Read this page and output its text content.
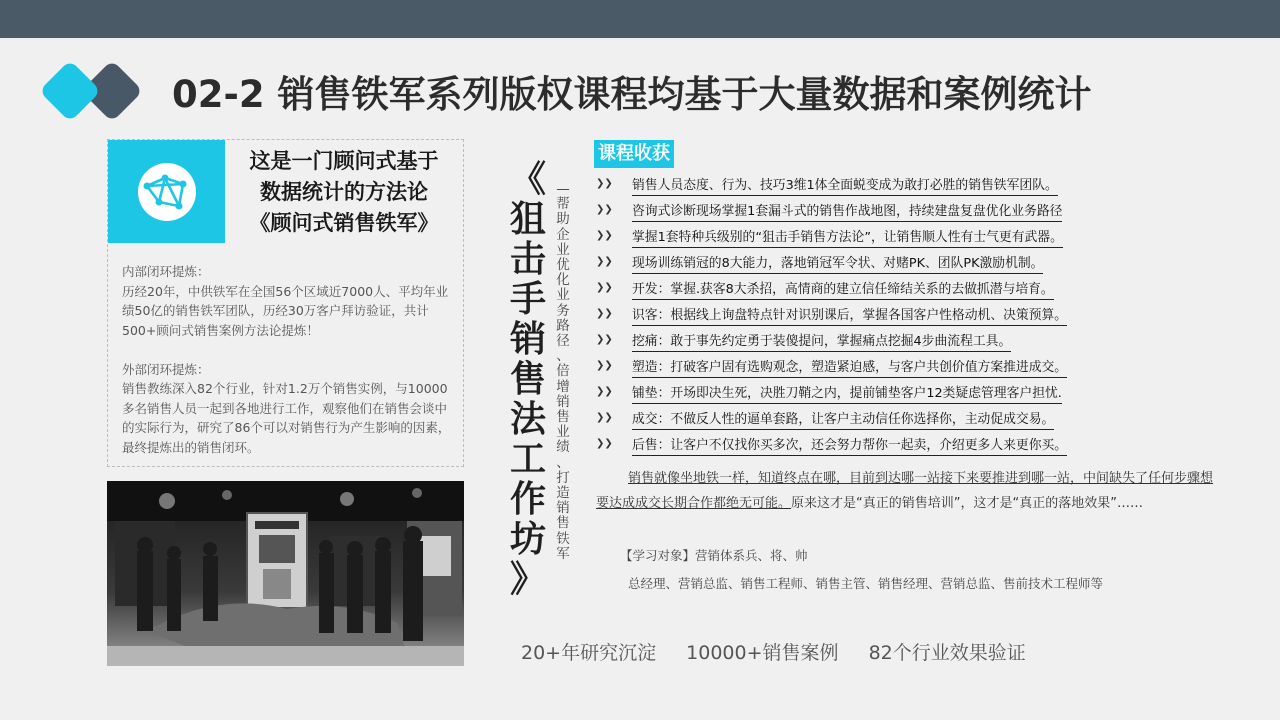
02-2 销售铁军系列版权课程均基于大量数据和案例统计
这是一门顾问式基于
数据统计的方法论
《顾问式销售铁军》

内部闭环提炼：

历经20年，中供铁军在全国56个区域近7000人、平均年业绩50亿的销售铁军团队，历经30万客户拜访验证，共计500+顾问式销售案例方法论提炼！

外部闭环提炼：

销售教练深入82个行业，针对1.2万个销售实例，与10000多名销售人员一起到各地进行工作，观察他们在销售会谈中的实际行为，研究了86个可以对销售行为产生影响的因素，最终提炼出的销售闭环。

《
狙
击
手
销
售
法
工
作
坊
》
—
帮
助
企
业
优
化
业
务
路
径
、
倍
增
销
售
业
绩
、
打
造
销
售
铁
军
课程收获
❯❯ 销售人员态度、行为、技巧3维1体全面蜕变成为敢打必胜的销售铁军团队。
❯❯ 咨询式诊断现场掌握1套漏斗式的销售作战地图，持续建盘复盘优化业务路径
❯❯ 掌握1套特种兵级别的“狙击手销售方法论”，让销售顺人性有士气更有武器。
❯❯ 现场训练销冠的8大能力，落地销冠军令状、对赌PK、团队PK激励机制。
❯❯ 开发：掌握.获客8大杀招，高情商的建立信任缔结关系的去做抓潜与培育。
❯❯ 识客：根据线上询盘特点针对识别课后，掌握各国客户性格动机、决策预算。
❯❯ 挖痛：敢于事先约定勇于装傻提问，掌握痛点挖掘4步曲流程工具。
❯❯ 塑造：打破客户固有选购观念，塑造紧迫感，与客户共创价值方案推进成交。
❯❯ 铺垫：开场即决生死，决胜刀鞘之内，提前铺垫客户12类疑虑管理客户担忧.
❯❯ 成交：不做反人性的逼单套路，让客户主动信任你选择你，主动促成交易。
❯❯ 后售：让客户不仅找你买多次，还会努力帮你一起卖，介绍更多人来更你买。
销售就像坐地铁一样，知道终点在哪，目前到达哪一站接下来要推进到哪一站，中间缺失了任何步骤想要达成成交长期合作都绝无可能。原来这才是“真正的销售培训”，这才是“真正的落地效果”……
【学习对象】营销体系兵、将、帅
总经理、营销总监、销售工程师、销售主管、销售经理、营销总监、售前技术工程师等
20+年研究沉淀 10000+销售案例 82个行业效果验证
